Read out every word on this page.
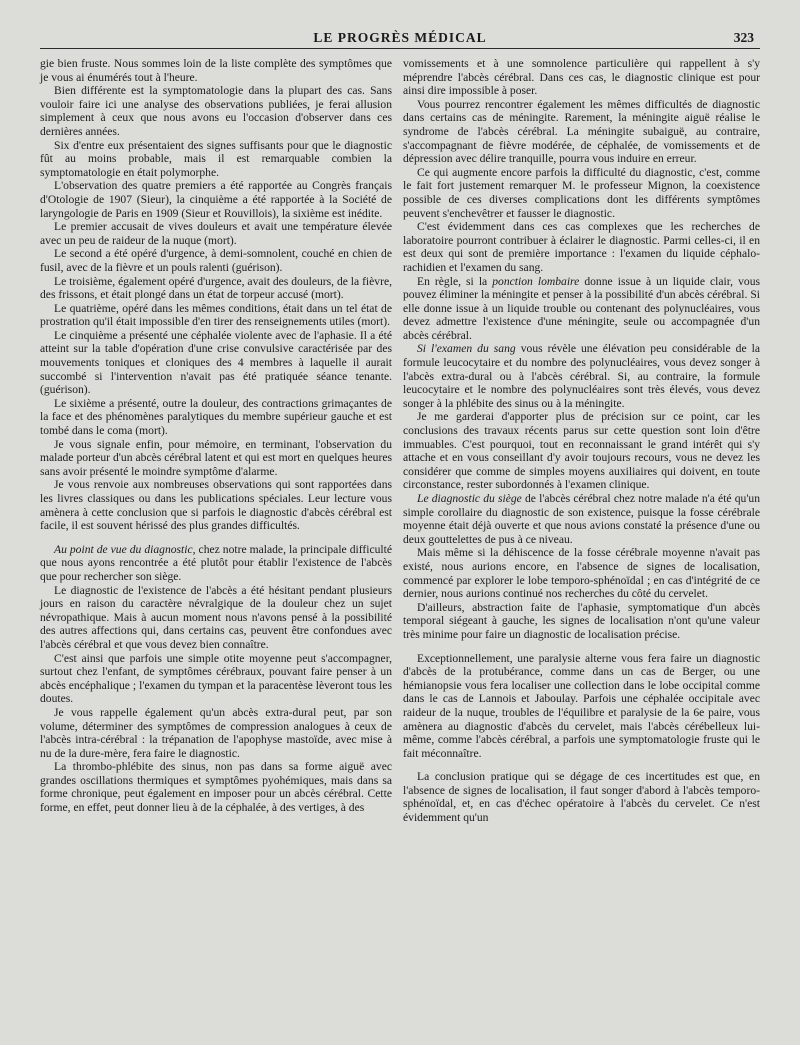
LE PROGRÈS MÉDICAL	323

gie bien fruste. Nous sommes loin de la liste complète des symptômes que je vous ai énumérés tout à l'heure.

Bien différente est la symptomatologie dans la plupart des cas. Sans vouloir faire ici une analyse des observations publiées, je ferai allusion simplement à ceux que nous avons eu l'occasion d'observer dans ces dernières années.

Six d'entre eux présentaient des signes suffisants pour que le diagnostic fût au moins probable, mais il est remarquable combien la symptomatologie en était polymorphe.

L'observation des quatre premiers a été rapportée au Congrès français d'Otologie de 1907 (Sieur), la cinquième a été rapportée à la Société de laryngologie de Paris en 1909 (Sieur et Rouvillois), la sixième est inédite.

Le premier accusait de vives douleurs et avait une température élevée avec un peu de raideur de la nuque (mort).

Le second a été opéré d'urgence, à demi-somnolent, couché en chien de fusil, avec de la fièvre et un pouls ralenti (guérison).

Le troisième, également opéré d'urgence, avait des douleurs, de la fièvre, des frissons, et était plongé dans un état de torpeur accusé (mort).

Le quatrième, opéré dans les mêmes conditions, était dans un tel état de prostration qu'il était impossible d'en tirer des renseignements utiles (mort).

Le cinquième a présenté une céphalée violente avec de l'aphasie. Il a été atteint sur la table d'opération d'une crise convulsive caractérisée par des mouvements toniques et cloniques des 4 membres à laquelle il aurait succombé si l'intervention n'avait pas été pratiquée séance tenante. (guérison).

Le sixième a présenté, outre la douleur, des contractions grimaçantes de la face et des phénomènes paralytiques du membre supérieur gauche et est tombé dans le coma (mort).

Je vous signale enfin, pour mémoire, en terminant, l'observation du malade porteur d'un abcès cérébral latent et qui est mort en quelques heures sans avoir présenté le moindre symptôme d'alarme.

Je vous renvoie aux nombreuses observations qui sont rapportées dans les livres classiques ou dans les publications spéciales. Leur lecture vous amènera à cette conclusion que si parfois le diagnostic d'abcès cérébral est facile, il est souvent hérissé des plus grandes difficultés.

Au point de vue du diagnostic, chez notre malade, la principale difficulté que nous ayons rencontrée a été plutôt pour établir l'existence de l'abcès que pour rechercher son siège.

Le diagnostic de l'existence de l'abcès a été hésitant pendant plusieurs jours en raison du caractère névralgique de la douleur chez un sujet névropathique. Mais à aucun moment nous n'avons pensé à la possibilité des autres affections qui, dans certains cas, peuvent être confondues avec l'abcès cérébral et que vous devez bien connaître.

C'est ainsi que parfois une simple otite moyenne peut s'accompagner, surtout chez l'enfant, de symptômes cérébraux, pouvant faire penser à un abcès encéphalique ; l'examen du tympan et la paracentèse lèveront tous les doutes.

Je vous rappelle également qu'un abcès extra-dural peut, par son volume, déterminer des symptômes de compression analogues à ceux de l'abcès intra-cérébral : la trépanation de l'apophyse mastoïde, avec mise à nu de la dure-mère, fera faire le diagnostic.

La thrombo-phlébite des sinus, non pas dans sa forme aiguë avec grandes oscillations thermiques et symptômes pyohémiques, mais dans sa forme chronique, peut également en imposer pour un abcès cérébral. Cette forme, en effet, peut donner lieu à de la céphalée, à des vertiges, à des

vomissements et à une somnolence particulière qui rappellent à s'y méprendre l'abcès cérébral. Dans ces cas, le diagnostic clinique est pour ainsi dire impossible à poser.

Vous pourrez rencontrer également les mêmes difficultés de diagnostic dans certains cas de méningite. Rarement, la méningite aiguë réalise le syndrome de l'abcès cérébral. La méningite subaiguë, au contraire, s'accompagnant de fièvre modérée, de céphalée, de vomissements et de dépression avec délire tranquille, pourra vous induire en erreur.

Ce qui augmente encore parfois la difficulté du diagnostic, c'est, comme le fait fort justement remarquer M. le professeur Mignon, la coexistence possible de ces diverses complications dont les différents symptômes peuvent s'enchevêtrer et fausser le diagnostic.

C'est évidemment dans ces cas complexes que les recherches de laboratoire pourront contribuer à éclairer le diagnostic. Parmi celles-ci, il en est deux qui sont de première importance : l'examen du liquide céphalo-rachidien et l'examen du sang.

En règle, si la ponction lombaire donne issue à un liquide clair, vous pouvez éliminer la méningite et penser à la possibilité d'un abcès cérébral. Si elle donne issue à un liquide trouble ou contenant des polynucléaires, vous devez admettre l'existence d'une méningite, seule ou accompagnée d'un abcès cérébral.

Si l'examen du sang vous révèle une élévation peu considérable de la formule leucocytaire et du nombre des polynucléaires, vous devez songer à l'abcès extra-dural ou à l'abcès cérébral. Si, au contraire, la formule leucocytaire et le nombre des polynucléaires sont très élevés, vous devez songer à la phlébite des sinus ou à la méningite.

Je me garderai d'apporter plus de précision sur ce point, car les conclusions des travaux récents parus sur cette question sont loin d'être immuables. C'est pourquoi, tout en reconnaissant le grand intérêt qui s'y attache et en vous conseillant d'y avoir toujours recours, vous ne devez les considérer que comme de simples moyens auxiliaires qui doivent, en toute circonstance, rester subordonnés à l'examen clinique.

Le diagnostic du siège de l'abcès cérébral chez notre malade n'a été qu'un simple corollaire du diagnostic de son existence, puisque la fosse cérébrale moyenne était déjà ouverte et que nous avions constaté la présence d'une ou deux gouttelettes de pus à ce niveau.

Mais même si la déhiscence de la fosse cérébrale moyenne n'avait pas existé, nous aurions encore, en l'absence de signes de localisation, commencé par explorer le lobe temporo-sphénoïdal ; en cas d'intégrité de ce dernier, nous aurions continué nos recherches du côté du cervelet.

D'ailleurs, abstraction faite de l'aphasie, symptomatique d'un abcès temporal siégeant à gauche, les signes de localisation n'ont qu'une valeur très minime pour faire un diagnostic de localisation précise.

Exceptionnellement, une paralysie alterne vous fera faire un diagnostic d'abcès de la protubérance, comme dans un cas de Berger, ou une hémianopsie vous fera localiser une collection dans le lobe occipital comme dans le cas de Lannois et Jaboulay. Parfois une céphalée occipitale avec raideur de la nuque, troubles de l'équilibre et paralysie de la 6e paire, vous amènera au diagnostic d'abcès du cervelet, mais l'abcès cérébelleux lui-même, comme l'abcès cérébral, a parfois une symptomatologie fruste qui le fait méconnaître.

La conclusion pratique qui se dégage de ces incertitudes est que, en l'absence de signes de localisation, il faut songer d'abord à l'abcès temporo-sphénoïdal, et, en cas d'échec opératoire à l'abcès du cervelet. Ce n'est évidemment qu'un
